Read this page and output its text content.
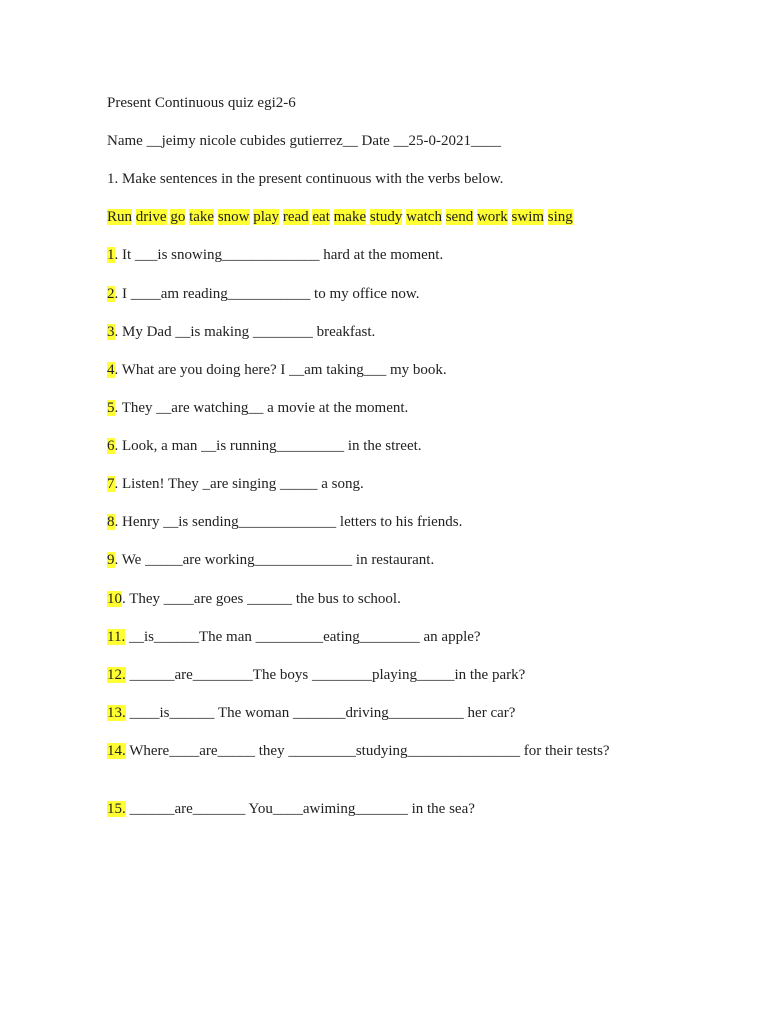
Present Continuous quiz egi2-6
Name __jeimy nicole cubides gutierrez__ Date __25-0-2021____
1. Make sentences in the present continuous with the verbs below.
Run drive go take snow play read eat make study watch send work swim sing
1. It ___is snowing_____________ hard at the moment.
2. I ____am reading___________ to my office now.
3. My Dad __is making ________ breakfast.
4. What are you doing here? I __am taking___ my book.
5. They __are watching__ a movie at the moment.
6. Look, a man __is running_________ in the street.
7. Listen! They _are singing _____ a song.
8. Henry __is sending_____________ letters to his friends.
9. We _____are working_____________ in restaurant.
10. They ____are goes ______ the bus to school.
11. __is______The man _________eating________ an apple?
12. ______are________The boys ________playing_____in the park?
13. ____is______ The woman _______driving__________ her car?
14. Where____are_____ they _________studying_______________ for their tests?
15. ______are_______ You____awiming_______ in the sea?
